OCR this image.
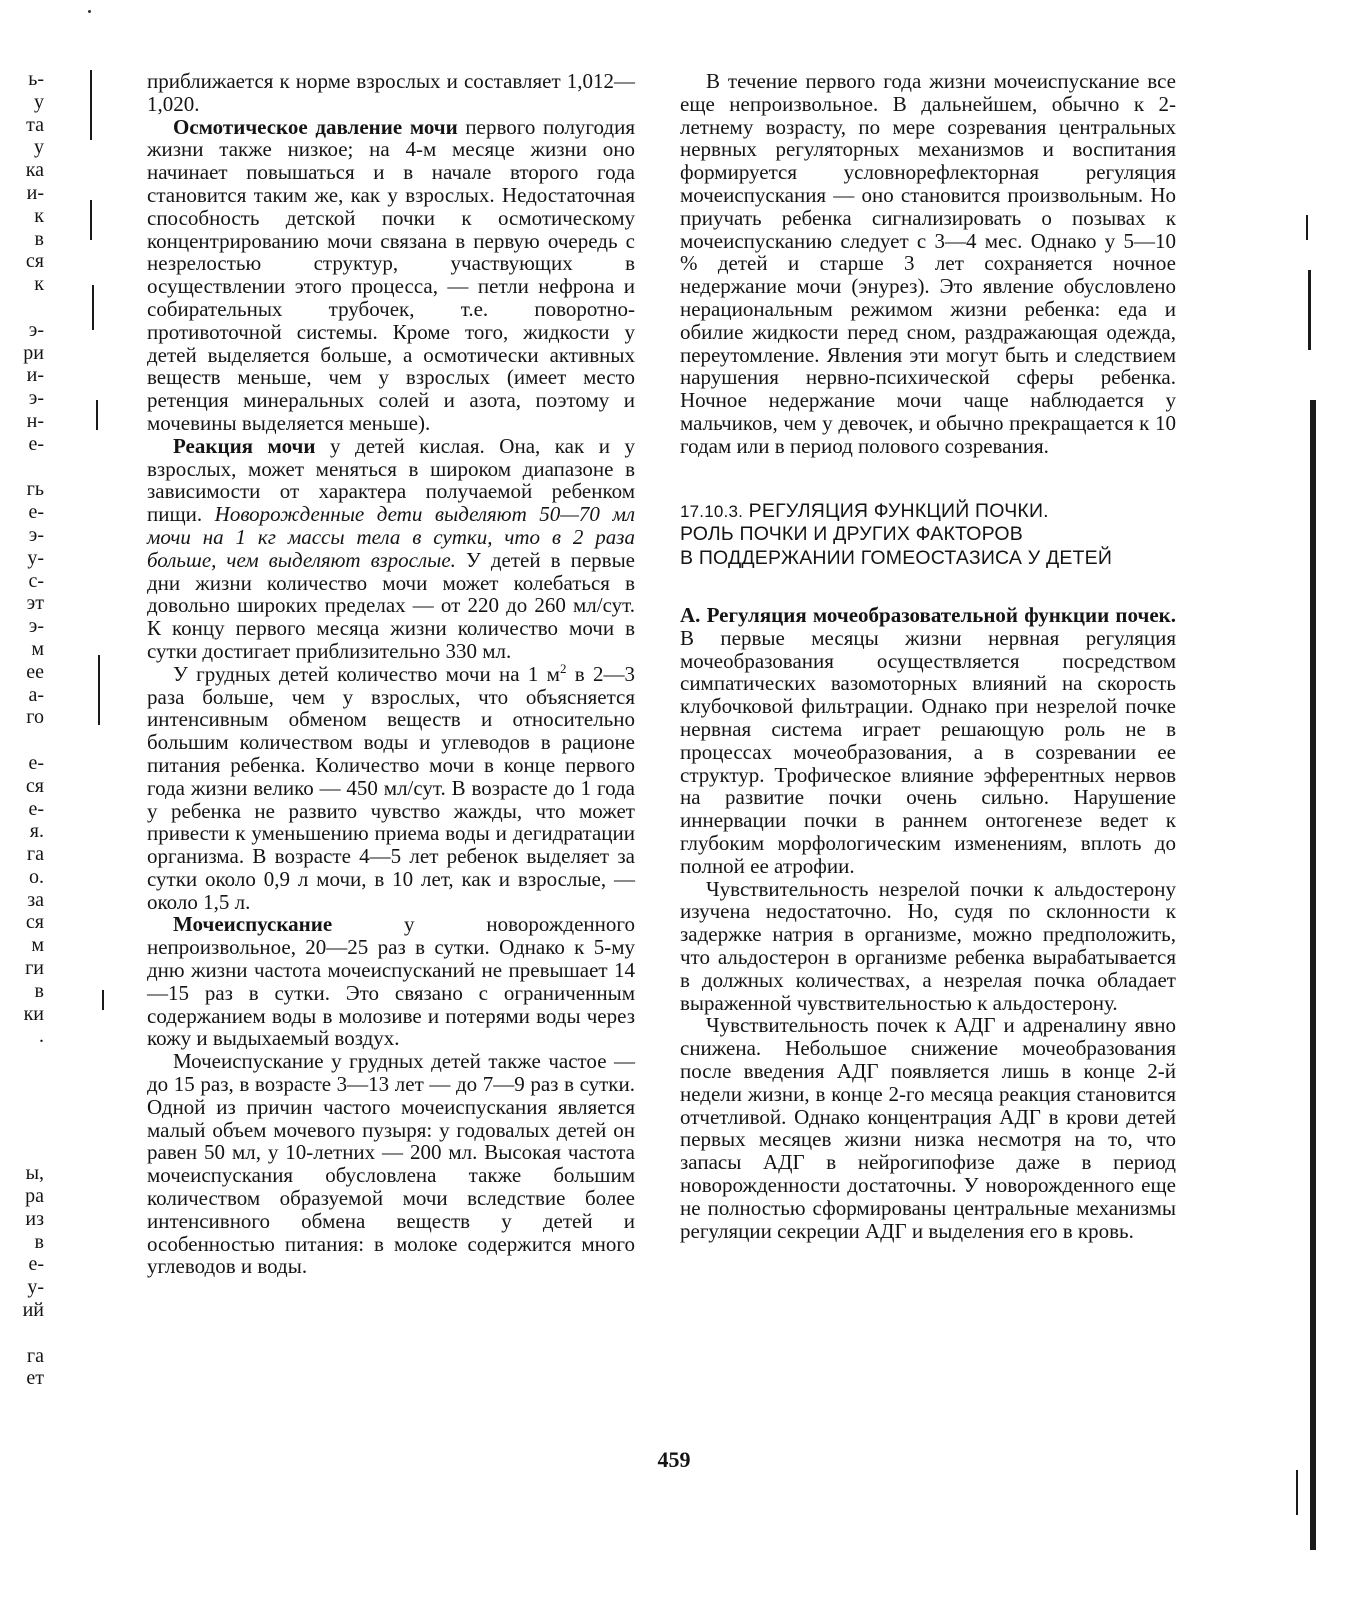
ь-
у
та
у
ка
и-
к
в
ся
к
э-
ри
и-
э-
н-
е-
гь
е-
э-
у-
с-
эт
э-
м
ее
а-
го
е-
ся
е-
я.
га
о.
за
ся
м
ги
в
ки
.
ы,
ра
из
в
е-
у-
ий
га
ет

приближается к норме взрослых и составляет 1,012—1,020.

Осмотическое давление мочи первого полугодия жизни также низкое; на 4-м месяце жизни оно начинает повышаться и в начале второго года становится таким же, как у взрослых. Недостаточная способность детской почки к осмотическому концентрированию мочи связана в первую очередь с незрелостью структур, участвующих в осуществлении этого процесса, — петли нефрона и собирательных трубочек, т.е. поворотно-противоточной системы. Кроме того, жидкости у детей выделяется больше, а осмотически активных веществ меньше, чем у взрослых (имеет место ретенция минеральных солей и азота, поэтому и мочевины выделяется меньше).

Реакция мочи у детей кислая. Она, как и у взрослых, может меняться в широком диапазоне в зависимости от характера получаемой ребенком пищи. Новорожденные дети выделяют 50—70 мл мочи на 1 кг массы тела в сутки, что в 2 раза больше, чем выделяют взрослые. У детей в первые дни жизни количество мочи может колебаться в довольно широких пределах — от 220 до 260 мл/сут. К концу первого месяца жизни количество мочи в сутки достигает приблизительно 330 мл.

У грудных детей количество мочи на 1 $м^2$ в 2—3 раза больше, чем у взрослых, что объясняется интенсивным обменом веществ и относительно большим количеством воды и углеводов в рационе питания ребенка. Количество мочи в конце первого года жизни велико — 450 мл/сут. В возрасте до 1 года у ребенка не развито чувство жажды, что может привести к уменьшению приема воды и дегидратации организма. В возрасте 4—5 лет ребенок выделяет за сутки около 0,9 л мочи, в 10 лет, как и взрослые, — около 1,5 л.

Мочеиспускание у новорожденного непроизвольное, 20—25 раз в сутки. Однако к 5-му дню жизни частота мочеиспусканий не превышает 14—15 раз в сутки. Это связано с ограниченным содержанием воды в молозиве и потерями воды через кожу и выдыхаемый воздух.

Мочеиспускание у грудных детей также частое — до 15 раз, в возрасте 3—13 лет — до 7—9 раз в сутки. Одной из причин частого мочеиспускания является малый объем мочевого пузыря: у годовалых детей он равен 50 мл, у 10-летних — 200 мл. Высокая частота мочеиспускания обусловлена также большим количеством образуемой мочи вследствие более интенсивного обмена веществ у детей и особенностью питания: в молоке содержится много углеводов и воды.

В течение первого года жизни мочеиспускание все еще непроизвольное. В дальнейшем, обычно к 2-летнему возрасту, по мере созревания центральных нервных регуляторных механизмов и воспитания формируется условнорефлекторная регуляция мочеиспускания — оно становится произвольным. Но приучать ребенка сигнализировать о позывах к мочеиспусканию следует с 3—4 мес. Однако у 5—10 % детей и старше 3 лет сохраняется ночное недержание мочи (энурез). Это явление обусловлено нерациональным режимом жизни ребенка: еда и обилие жидкости перед сном, раздражающая одежда, переутомление. Явления эти могут быть и следствием нарушения нервно-психической сферы ребенка. Ночное недержание мочи чаще наблюдается у мальчиков, чем у девочек, и обычно прекращается к 10 годам или в период полового созревания.

17.10.3. РЕГУЛЯЦИЯ ФУНКЦИЙ ПОЧКИ.
РОЛЬ ПОЧКИ И ДРУГИХ ФАКТОРОВ
В ПОДДЕРЖАНИИ ГОМЕОСТАЗИСА У ДЕТЕЙ

А. Регуляция мочеобразовательной функции почек. В первые месяцы жизни нервная регуляция мочеобразования осуществляется посредством симпатических вазомоторных влияний на скорость клубочковой фильтрации. Однако при незрелой почке нервная система играет решающую роль не в процессах мочеобразования, а в созревании ее структур. Трофическое влияние эфферентных нервов на развитие почки очень сильно. Нарушение иннервации почки в раннем онтогенезе ведет к глубоким морфологическим изменениям, вплоть до полной ее атрофии.

Чувствительность незрелой почки к альдостерону изучена недостаточно. Но, судя по склонности к задержке натрия в организме, можно предположить, что альдостерон в организме ребенка вырабатывается в должных количествах, а незрелая почка обладает выраженной чувствительностью к альдостерону.

Чувствительность почек к АДГ и адреналину явно снижена. Небольшое снижение мочеобразования после введения АДГ появляется лишь в конце 2-й недели жизни, в конце 2-го месяца реакция становится отчетливой. Однако концентрация АДГ в крови детей первых месяцев жизни низка несмотря на то, что запасы АДГ в нейрогипофизе даже в период новорожденности достаточны. У новорожденного еще не полностью сформированы центральные механизмы регуляции секреции АДГ и выделения его в кровь.

459
